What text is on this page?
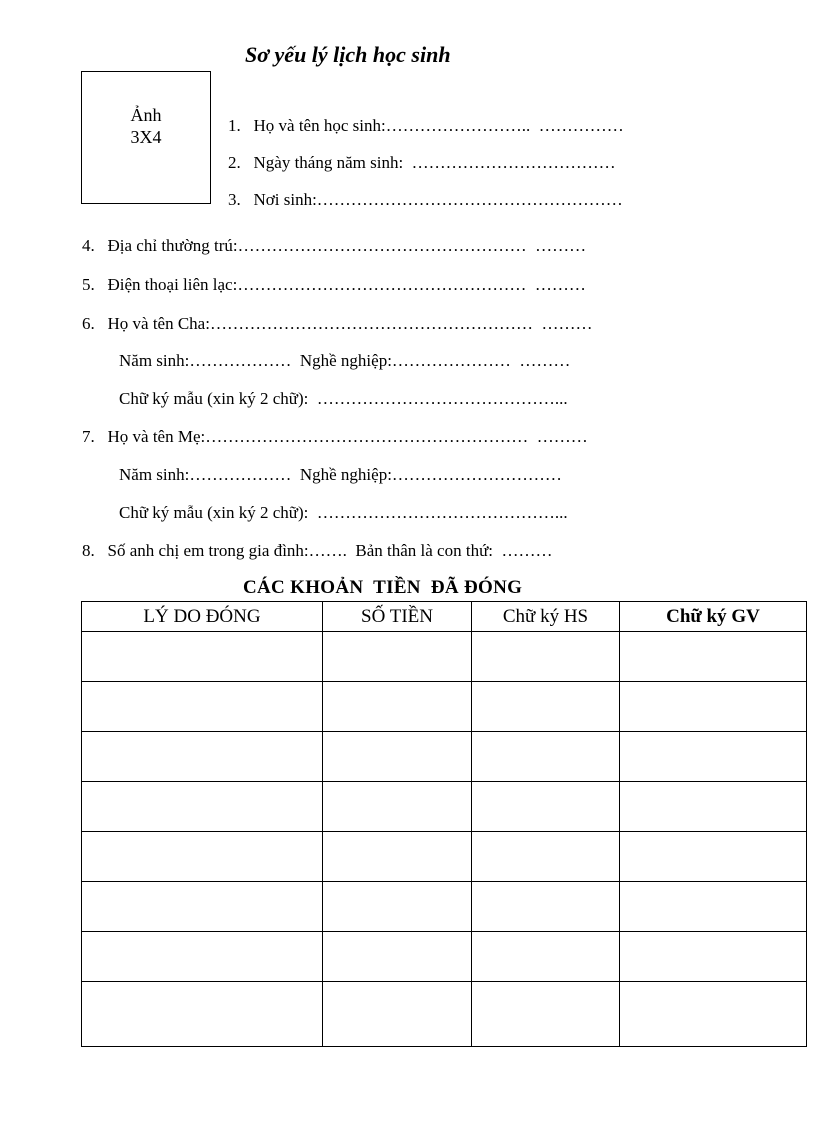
Sơ yếu lý lịch học sinh
Ảnh
3X4
1.   Họ và tên học sinh:……………………..  ……………
2.   Ngày tháng năm sinh:  ………………………………
3.   Nơi sinh:………………………………………………
4.   Địa chỉ thường trú:……………………………………………  ………
5.   Điện thoại liên lạc:……………………………………………  ………
6.   Họ và tên Cha:…………………………………………………  ………
Năm sinh:………………  Nghề nghiệp:…………………  ………
Chữ ký mẫu (xin ký 2 chữ):  ……………………………………...
7.   Họ và tên Mẹ:…………………………………………………  ………
Năm sinh:………………  Nghề nghiệp:…………………………
Chữ ký mẫu (xin ký 2 chữ):  ……………………………………...
8.   Số anh chị em trong gia đình:…….  Bản thân là con thứ:  ………
CÁC KHOẢN  TIỀN  ĐÃ ĐÓNG
LÝ DO ĐÓNG	SỐ TIỀN	Chữ ký HS	Chữ ký GV
